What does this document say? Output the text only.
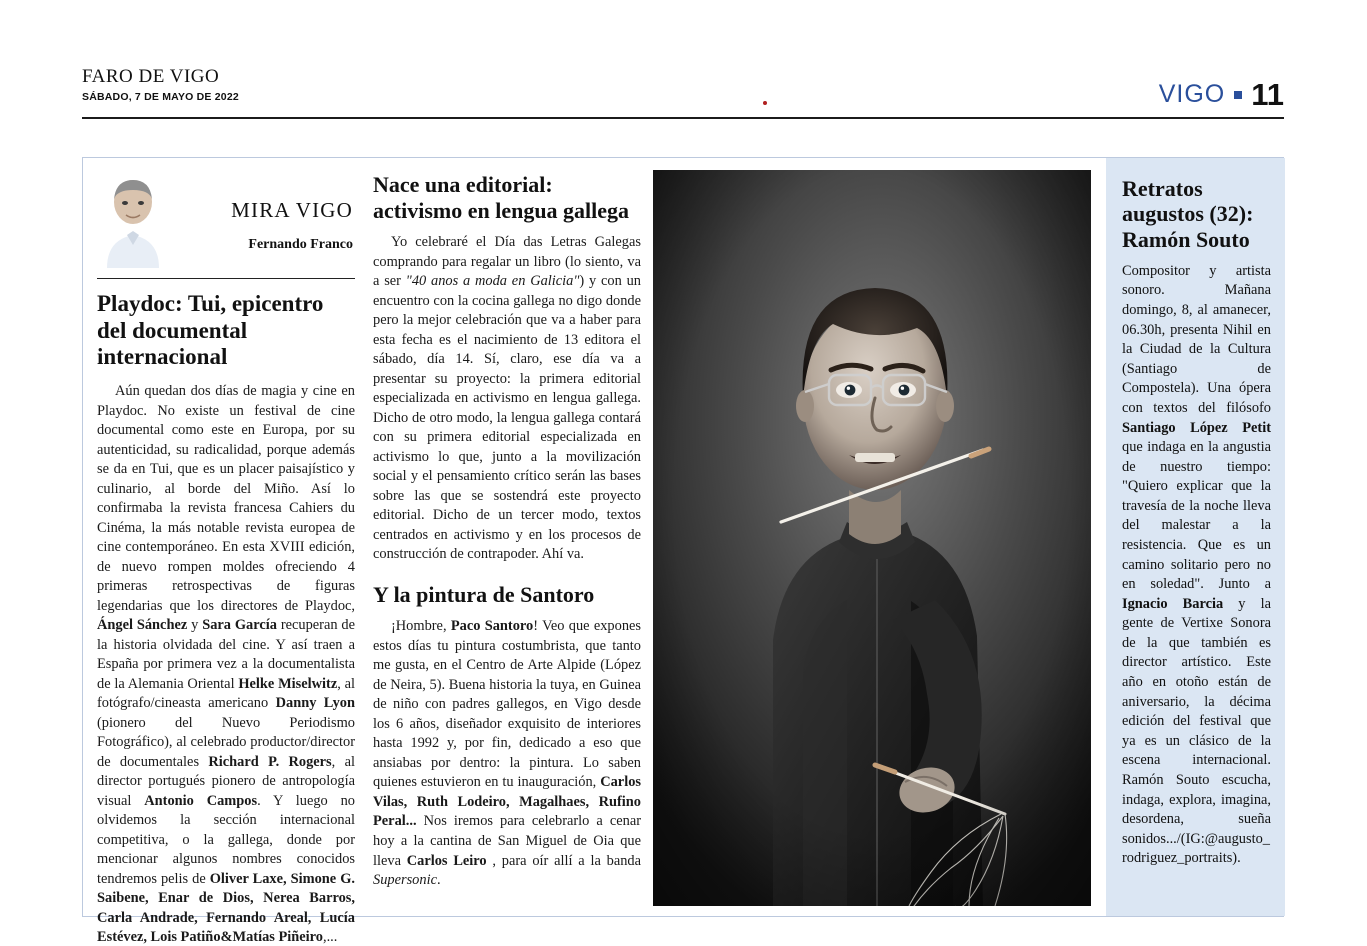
FARO DE VIGO
SÁBADO, 7 DE MAYO DE 2022	VIGO 11
MIRA VIGO
Fernando Franco
Playdoc: Tui, epicentro del documental internacional

Aún quedan dos días de magia y cine en Playdoc. No existe un festival de cine documental como este en Europa, por su autenticidad, su radicalidad, porque además se da en Tui, que es un placer paisajístico y culinario, al borde del Miño. Así lo confirmaba la revista francesa Cahiers du Cinéma, la más notable revista europea de cine contemporáneo. En esta XVIII edición, de nuevo rompen moldes ofreciendo 4 primeras retrospectivas de figuras legendarias que los directores de Playdoc, Ángel Sánchez y Sara García recuperan de la historia olvidada del cine. Y así traen a España por primera vez a la documentalista de la Alemania Oriental Helke Miselwitz, al fotógrafo/cineasta americano Danny Lyon (pionero del Nuevo Periodismo Fotográfico), al celebrado productor/director de documentales Richard P. Rogers, al director portugués pionero de antropología visual Antonio Campos. Y luego no olvidemos la sección internacional competitiva, o la gallega, donde por mencionar algunos nombres conocidos tendremos pelis de Oliver Laxe, Simone G. Saibene, Enar de Dios, Nerea Barros, Carla Andrade, Fernando Areal, Lucía Estévez, Lois Patiño&Matías Piñeiro,...

Nace una editorial: activismo en lengua gallega

Yo celebraré el Día das Letras Galegas comprando para regalar un libro (lo siento, va a ser "40 anos a moda en Galicia") y con un encuentro con la cocina gallega no digo donde pero la mejor celebración que va a haber para esta fecha es el nacimiento de 13 editora el sábado, día 14. Sí, claro, ese día va a presentar su proyecto: la primera editorial especializada en activismo en lengua gallega. Dicho de otro modo, la lengua gallega contará con su primera editorial especializada en activismo lo que, junto a la movilización social y el pensamiento crítico serán las bases sobre las que se sostendrá este proyecto editorial. Dicho de un tercer modo, textos centrados en activismo y en los procesos de construcción de contrapoder. Ahí va.

Y la pintura de Santoro

¡Hombre, Paco Santoro! Veo que expones estos días tu pintura costumbrista, que tanto me gusta, en el Centro de Arte Alpide (López de Neira, 5). Buena historia la tuya, en Guinea de niño con padres gallegos, en Vigo desde los 6 años, diseñador exquisito de interiores hasta 1992 y, por fin, dedicado a eso que ansiabas por dentro: la pintura. Lo saben quienes estuvieron en tu inauguración, Carlos Vilas, Ruth Lodeiro, Magalhaes, Rufino Peral... Nos iremos para celebrarlo a cenar hoy a la cantina de San Miguel de Oia que lleva Carlos Leiro , para oír allí a la banda Supersonic.

Retratos augustos (32): Ramón Souto

Compositor y artista sonoro. Mañana domingo, 8, al amanecer, 06.30h, presenta Nihil en la Ciudad de la Cultura (Santiago de Compostela). Una ópera con textos del filósofo Santiago López Petit que indaga en la angustia de nuestro tiempo: "Quiero explicar que la travesía de la noche lleva del malestar a la resistencia. Que es un camino solitario pero no en soledad". Junto a Ignacio Barcia y la gente de Vertixe Sonora de la que también es director artístico. Este año en otoño están de aniversario, la décima edición del festival que ya es un clásico de la escena internacional. Ramón Souto escucha, indaga, explora, imagina, desordena, sueña sonidos.../(IG:@augusto_rodriguez_portraits).
